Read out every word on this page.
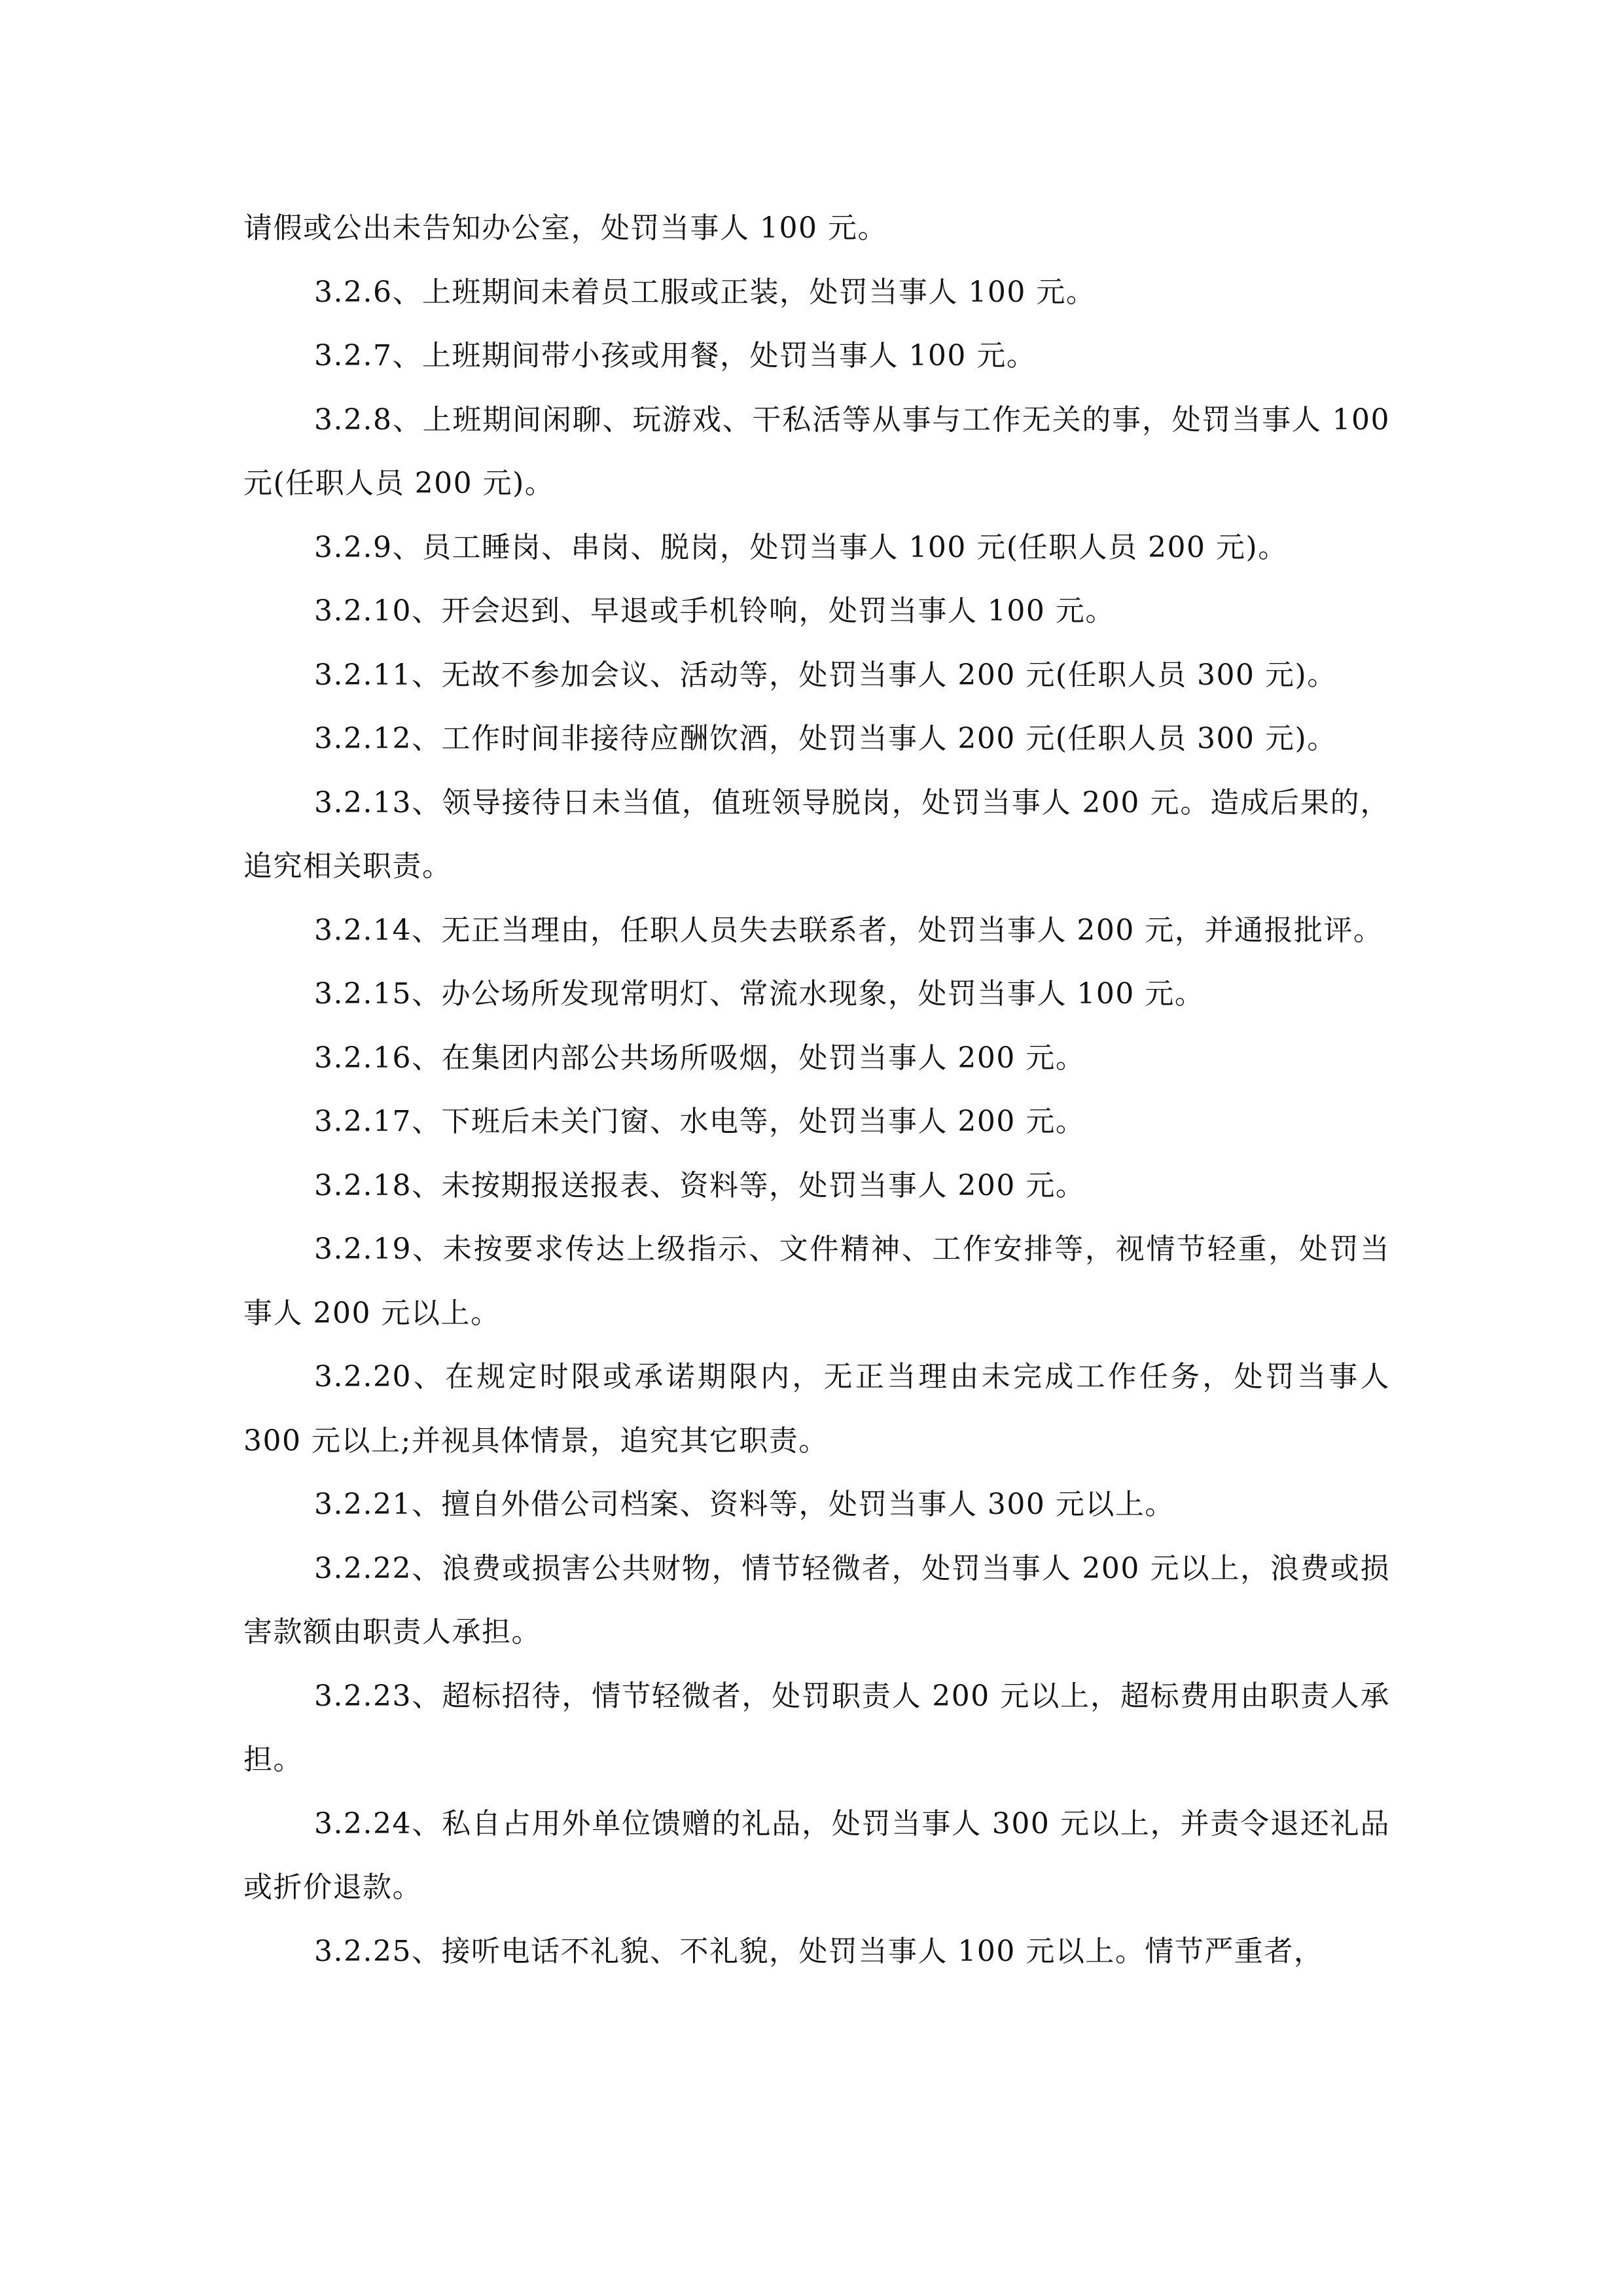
请假或公出未告知办公室，处罚当事人 100 元。

3.2.6、上班期间未着员工服或正装，处罚当事人 100 元。

3.2.7、上班期间带小孩或用餐，处罚当事人 100 元。

3.2.8、上班期间闲聊、玩游戏、干私活等从事与工作无关的事，处罚当事人 100 元(任职人员 200 元)。

3.2.9、员工睡岗、串岗、脱岗，处罚当事人 100 元(任职人员 200 元)。

3.2.10、开会迟到、早退或手机铃响，处罚当事人 100 元。

3.2.11、无故不参加会议、活动等，处罚当事人 200 元(任职人员 300 元)。

3.2.12、工作时间非接待应酬饮酒，处罚当事人 200 元(任职人员 300 元)。

3.2.13、领导接待日未当值，值班领导脱岗，处罚当事人 200 元。造成后果的，追究相关职责。

3.2.14、无正当理由，任职人员失去联系者，处罚当事人 200 元，并通报批评。

3.2.15、办公场所发现常明灯、常流水现象，处罚当事人 100 元。

3.2.16、在集团内部公共场所吸烟，处罚当事人 200 元。

3.2.17、下班后未关门窗、水电等，处罚当事人 200 元。

3.2.18、未按期报送报表、资料等，处罚当事人 200 元。

3.2.19、未按要求传达上级指示、文件精神、工作安排等，视情节轻重，处罚当事人 200 元以上。

3.2.20、在规定时限或承诺期限内，无正当理由未完成工作任务，处罚当事人 300 元以上;并视具体情景，追究其它职责。

3.2.21、擅自外借公司档案、资料等，处罚当事人 300 元以上。

3.2.22、浪费或损害公共财物，情节轻微者，处罚当事人 200 元以上，浪费或损害款额由职责人承担。

3.2.23、超标招待，情节轻微者，处罚职责人 200 元以上，超标费用由职责人承担。

3.2.24、私自占用外单位馈赠的礼品，处罚当事人 300 元以上，并责令退还礼品或折价退款。

3.2.25、接听电话不礼貌、不礼貌，处罚当事人 100 元以上。情节严重者，
